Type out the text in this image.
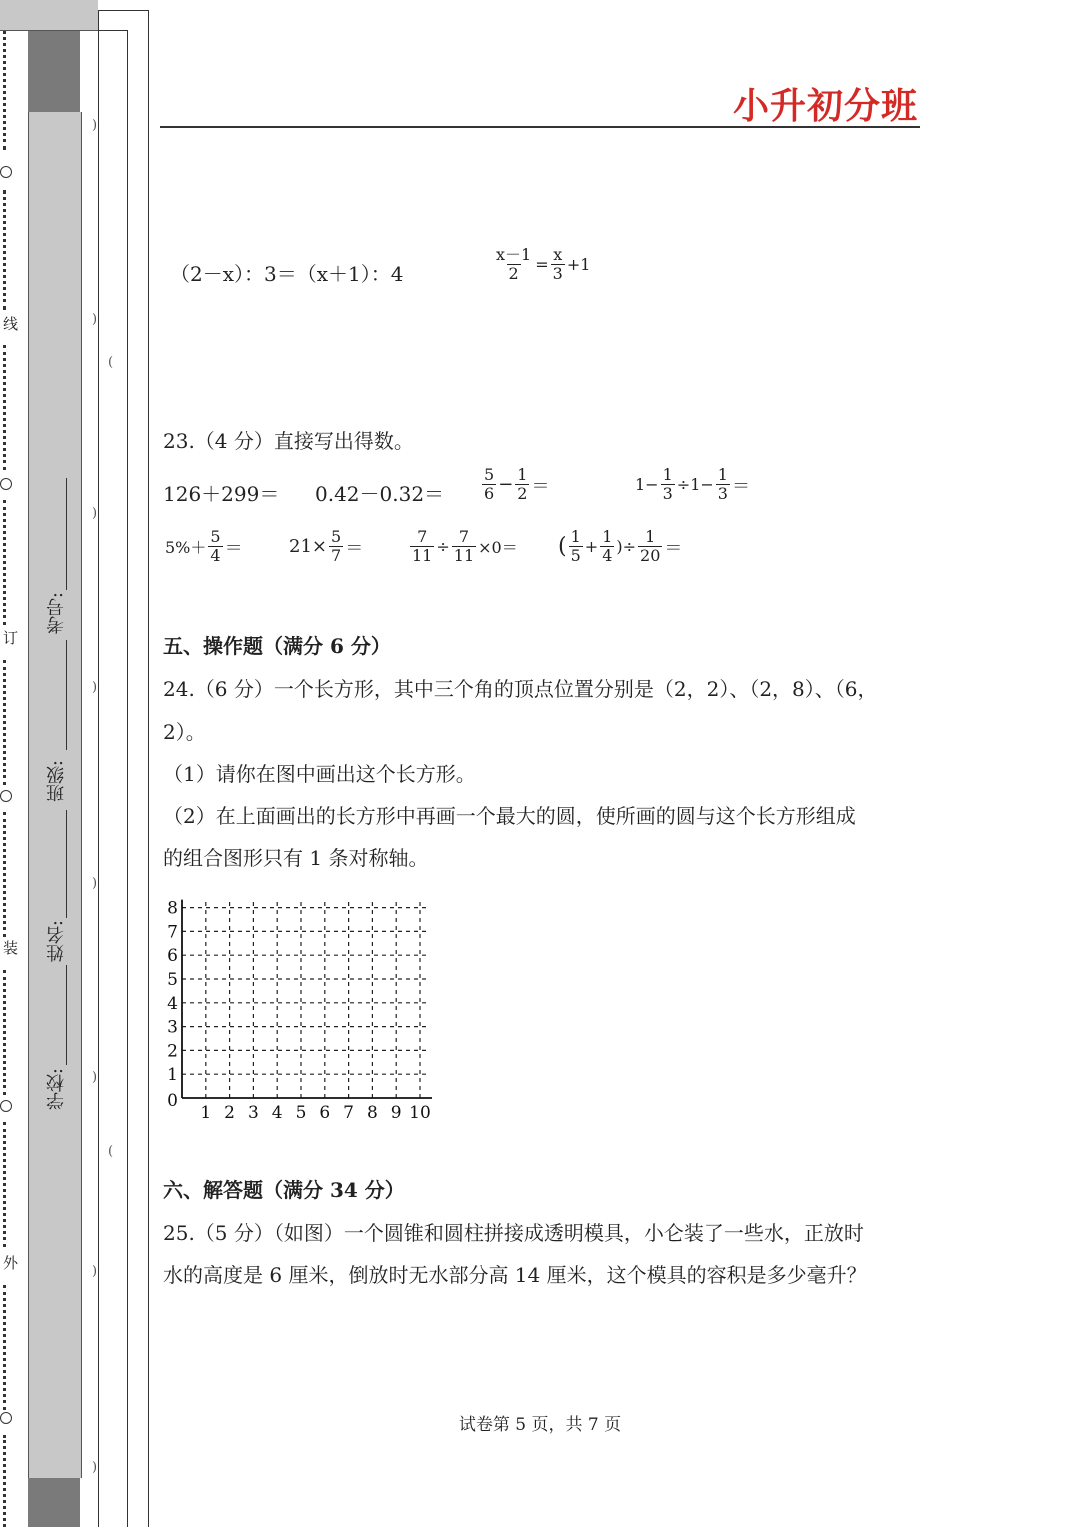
线
订
装
外
考号:
班级:
姓名:
学校:
)
)
(
)
)
)
)
(
)
)
小升初分班
（2－x）：3＝（x＋1）：4	$\frac{x-1}{2} = \frac{x}{3} +1$
23.（4 分）直接写出得数。
$126+299= 0.42-0.32= \frac{5}{6} - \frac{1}{2}$ ＝	$1- \frac{1}{3} \div 1- \frac{1}{3}$ ＝
$5\%+ \frac{5}{4}$ ＝	$21\times \frac{5}{7}$ ＝	$\frac{7}{11} \div \frac{7}{11} \times 0=$ ( $\frac{1}{5} + \frac{1}{4}$ )÷ $\frac{1}{20}$ ＝
五、操作题（满分 6 分）
24.（6 分）一个长方形，其中三个角的顶点位置分别是（2，2）、（2，8）、（6，
2）。
（1）请你在图中画出这个长方形。
（2）在上面画出的长方形中再画一个最大的圆，使所画的圆与这个长方形组成
的组合图形只有 1 条对称轴。
1 2 3 4 5 6 7 8 9 10
0
1
2
3
4
5
6
7
8
六、解答题（满分 34 分）
25.（5 分）（如图）一个圆锥和圆柱拼接成透明模具，小仑装了一些水，正放时
水的高度是 6 厘米，倒放时无水部分高 14 厘米，这个模具的容积是多少毫升？
试卷第 5 页，共 7 页
